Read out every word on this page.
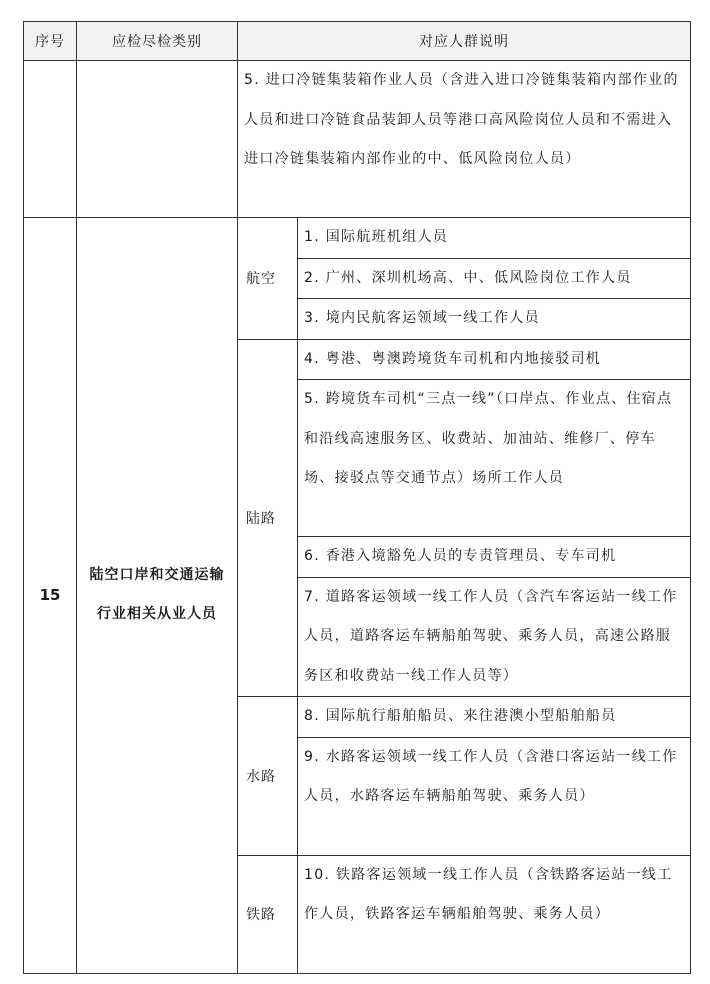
序号	应检尽检类别	对应人群说明	
		5. 进口冷链集装箱作业人员（含进入进口冷链集装箱内部作业的人员和进口冷链食品装卸人员等港口高风险岗位人员和不需进入进口冷链集装箱内部作业的中、低风险岗位人员）	
15	陆空口岸和交通运输行业相关从业人员	航空	1. 国际航班机组人员
			2. 广州、深圳机场高、中、低风险岗位工作人员
			3. 境内民航客运领域一线工作人员
		陆路	4. 粤港、粤澳跨境货车司机和内地接驳司机
			5. 跨境货车司机“三点一线”（口岸点、作业点、住宿点和沿线高速服务区、收费站、加油站、维修厂、停车场、接驳点等交通节点）场所工作人员
			6. 香港入境豁免人员的专责管理员、专车司机
			7. 道路客运领域一线工作人员（含汽车客运站一线工作人员，道路客运车辆船舶驾驶、乘务人员，高速公路服务区和收费站一线工作人员等）
		水路	8. 国际航行船舶船员、来往港澳小型船舶船员
			9. 水路客运领域一线工作人员（含港口客运站一线工作人员，水路客运车辆船舶驾驶、乘务人员）
		铁路	10. 铁路客运领域一线工作人员（含铁路客运站一线工作人员，铁路客运车辆船舶驾驶、乘务人员）
